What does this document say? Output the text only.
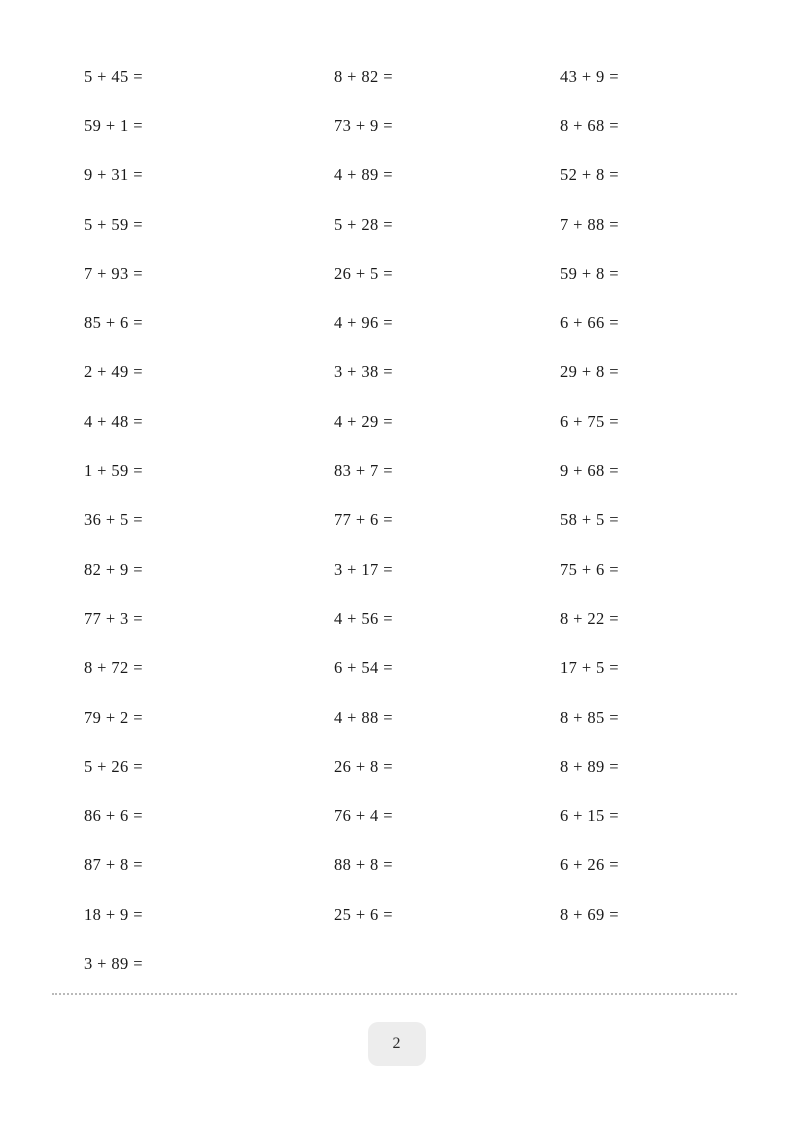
5 + 45 =	8 + 82 =	43 + 9 =
59 + 1 =	73 + 9 =	8 + 68 =
9 + 31 =	4 + 89 =	52 + 8 =
5 + 59 =	5 + 28 =	7 + 88 =
7 + 93 =	26 + 5 =	59 + 8 =
85 + 6 =	4 + 96 =	6 + 66 =
2 + 49 =	3 + 38 =	29 + 8 =
4 + 48 =	4 + 29 =	6 + 75 =
1 + 59 =	83 + 7 =	9 + 68 =
36 + 5 =	77 + 6 =	58 + 5 =
82 + 9 =	3 + 17 =	75 + 6 =
77 + 3 =	4 + 56 =	8 + 22 =
8 + 72 =	6 + 54 =	17 + 5 =
79 + 2 =	4 + 88 =	8 + 85 =
5 + 26 =	26 + 8 =	8 + 89 =
86 + 6 =	76 + 4 =	6 + 15 =
87 + 8 =	88 + 8 =	6 + 26 =
18 + 9 =	25 + 6 =	8 + 69 =
3 + 89 =
2
